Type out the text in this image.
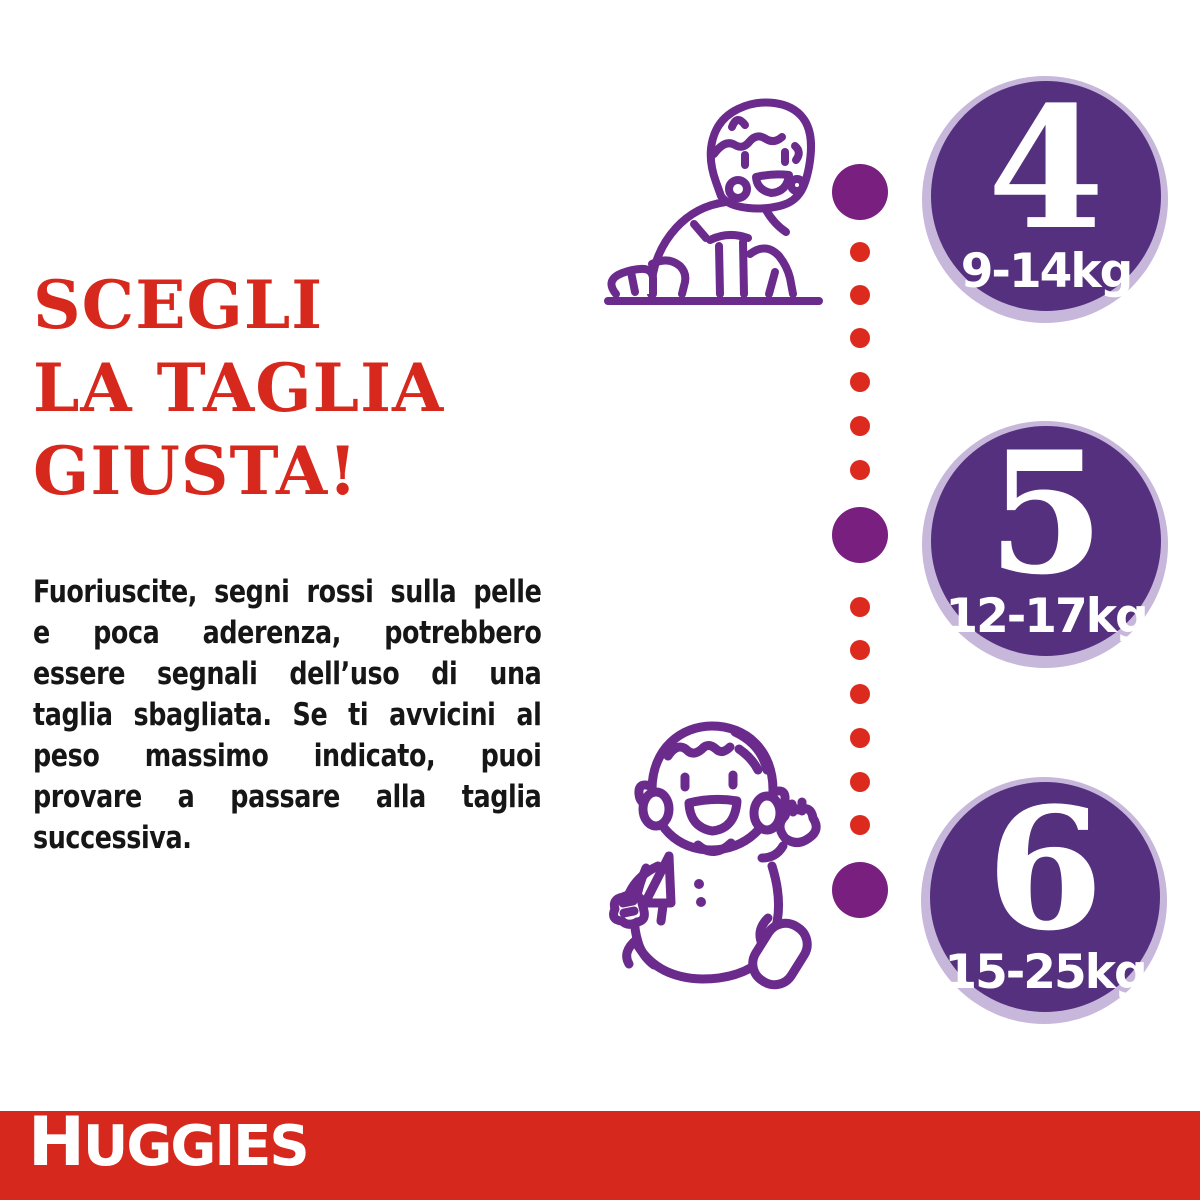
SCEGLI
LA TAGLIA
GIUSTA!
Fuoriuscite, segni rossi sulla pelle
e poca aderenza, potrebbero
essere segnali dell’uso di una
taglia sbagliata. Se ti avvicini al
peso massimo indicato, puoi
provare a passare alla taglia
successiva.
4
9-14kg
5
12-17kg
6
15-25kg
HUGGIES
